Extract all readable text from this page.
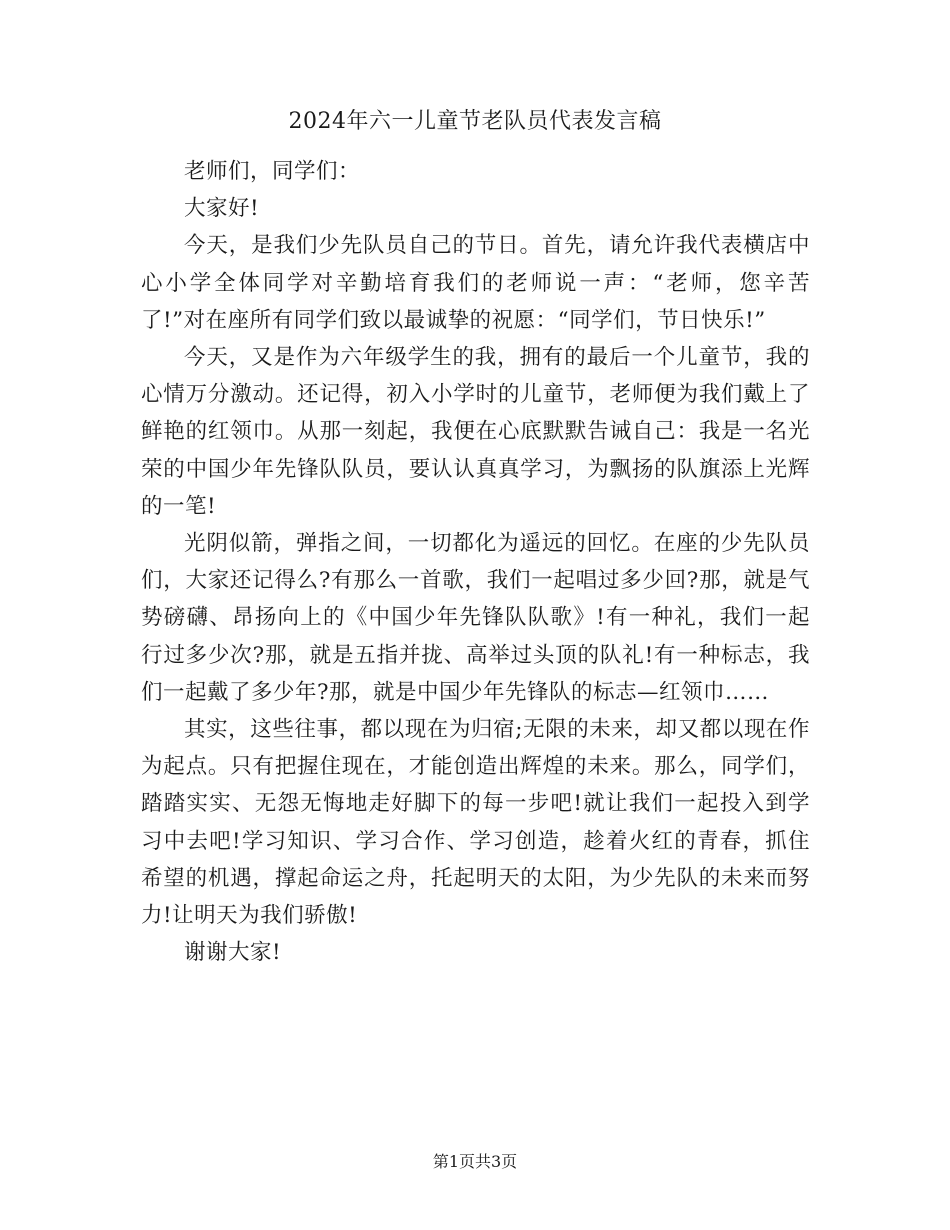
2024年六一儿童节老队员代表发言稿

老师们，同学们：

大家好!

今天，是我们少先队员自己的节日。首先，请允许我代表横店中心小学全体同学对辛勤培育我们的老师说一声：“老师，您辛苦了!”对在座所有同学们致以最诚挚的祝愿：“同学们，节日快乐!”

今天，又是作为六年级学生的我，拥有的最后一个儿童节，我的心情万分激动。还记得，初入小学时的儿童节，老师便为我们戴上了鲜艳的红领巾。从那一刻起，我便在心底默默告诫自己：我是一名光荣的中国少年先锋队队员，要认认真真学习，为飘扬的队旗添上光辉的一笔!

光阴似箭，弹指之间，一切都化为遥远的回忆。在座的少先队员们，大家还记得么?有那么一首歌，我们一起唱过多少回?那，就是气势磅礴、昂扬向上的《中国少年先锋队队歌》!有一种礼，我们一起行过多少次?那，就是五指并拢、高举过头顶的队礼!有一种标志，我们一起戴了多少年?那，就是中国少年先锋队的标志—红领巾……

其实，这些往事，都以现在为归宿;无限的未来，却又都以现在作为起点。只有把握住现在，才能创造出辉煌的未来。那么，同学们，踏踏实实、无怨无悔地走好脚下的每一步吧!就让我们一起投入到学习中去吧!学习知识、学习合作、学习创造，趁着火红的青春，抓住希望的机遇，撑起命运之舟，托起明天的太阳，为少先队的未来而努力!让明天为我们骄傲!

谢谢大家!

第1页共3页
